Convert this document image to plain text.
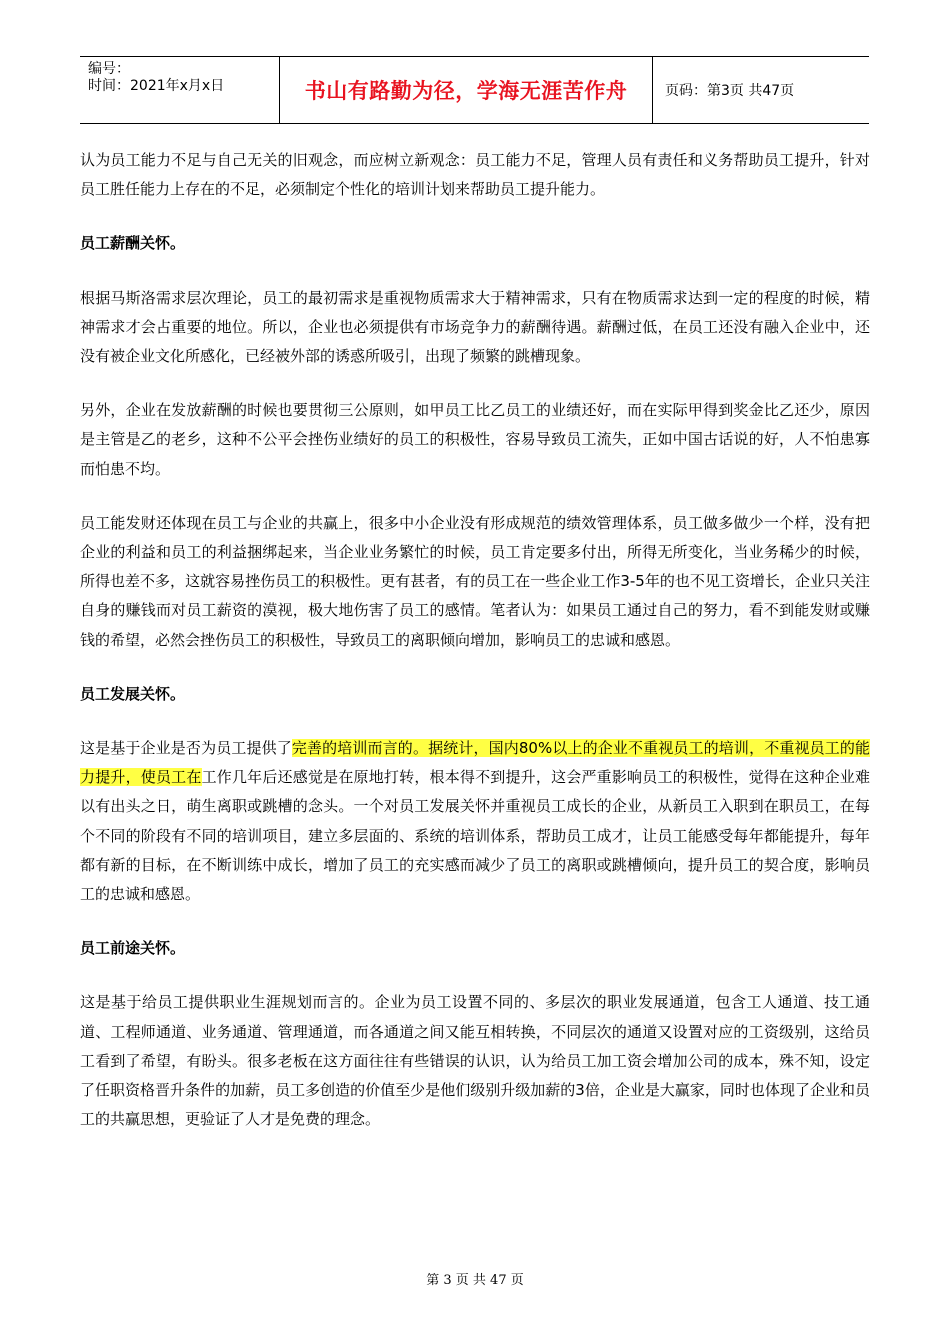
编号：
时间：2021年x月x日	书山有路勤为径，学海无涯苦作舟	页码：第3页 共47页

认为员工能力不足与自己无关的旧观念，而应树立新观念：员工能力不足，管理人员有责任和义务帮助员工提升，针对员工胜任能力上存在的不足，必须制定个性化的培训计划来帮助员工提升能力。

员工薪酬关怀。

根据马斯洛需求层次理论，员工的最初需求是重视物质需求大于精神需求，只有在物质需求达到一定的程度的时候，精神需求才会占重要的地位。所以，企业也必须提供有市场竞争力的薪酬待遇。薪酬过低，在员工还没有融入企业中，还没有被企业文化所感化，已经被外部的诱惑所吸引，出现了频繁的跳槽现象。

另外，企业在发放薪酬的时候也要贯彻三公原则，如甲员工比乙员工的业绩还好，而在实际甲得到奖金比乙还少，原因是主管是乙的老乡，这种不公平会挫伤业绩好的员工的积极性，容易导致员工流失，正如中国古话说的好，人不怕患寡而怕患不均。

员工能发财还体现在员工与企业的共赢上，很多中小企业没有形成规范的绩效管理体系，员工做多做少一个样，没有把企业的利益和员工的利益捆绑起来，当企业业务繁忙的时候，员工肯定要多付出，所得无所变化，当业务稀少的时候，所得也差不多，这就容易挫伤员工的积极性。更有甚者，有的员工在一些企业工作3-5年的也不见工资增长，企业只关注自身的赚钱而对员工薪资的漠视，极大地伤害了员工的感情。笔者认为：如果员工通过自己的努力，看不到能发财或赚钱的希望，必然会挫伤员工的积极性，导致员工的离职倾向增加，影响员工的忠诚和感恩。

员工发展关怀。

这是基于企业是否为员工提供了完善的培训而言的。据统计，国内80%以上的企业不重视员工的培训，不重视员工的能力提升，使员工在工作几年后还感觉是在原地打转，根本得不到提升，这会严重影响员工的积极性，觉得在这种企业难以有出头之日，萌生离职或跳槽的念头。一个对员工发展关怀并重视员工成长的企业，从新员工入职到在职员工，在每个不同的阶段有不同的培训项目，建立多层面的、系统的培训体系，帮助员工成才，让员工能感受每年都能提升，每年都有新的目标，在不断训练中成长，增加了员工的充实感而减少了员工的离职或跳槽倾向，提升员工的契合度，影响员工的忠诚和感恩。

员工前途关怀。

这是基于给员工提供职业生涯规划而言的。企业为员工设置不同的、多层次的职业发展通道，包含工人通道、技工通道、工程师通道、业务通道、管理通道，而各通道之间又能互相转换，不同层次的通道又设置对应的工资级别，这给员工看到了希望，有盼头。很多老板在这方面往往有些错误的认识，认为给员工加工资会增加公司的成本，殊不知，设定了任职资格晋升条件的加薪，员工多创造的价值至少是他们级别升级加薪的3倍，企业是大赢家，同时也体现了企业和员工的共赢思想，更验证了人才是免费的理念。

第 3 页 共 47 页
